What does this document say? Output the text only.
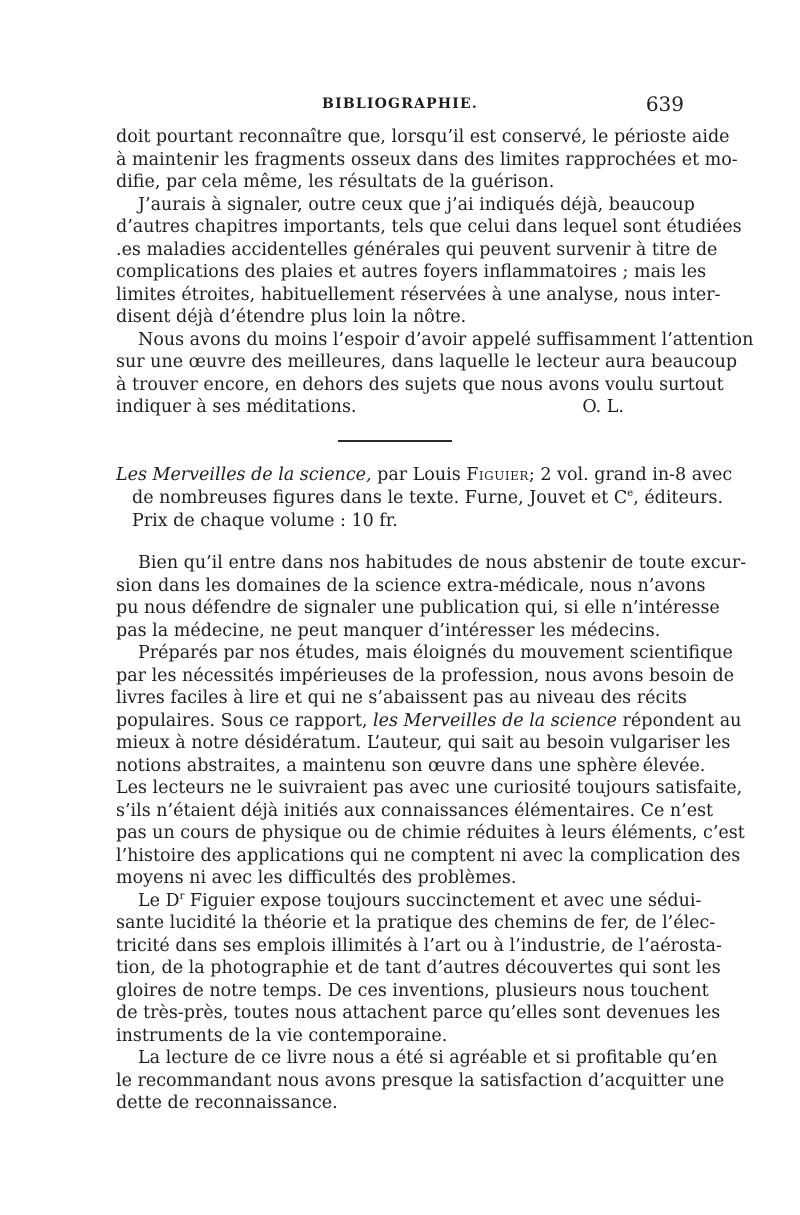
BIBLIOGRAPHIE.	639
doit pourtant reconnaître que, lorsqu’il est conservé, le périoste aide
à maintenir les fragments osseux dans des limites rapprochées et mo-
difie, par cela même, les résultats de la guérison.
J’aurais à signaler, outre ceux que j’ai indiqués déjà, beaucoup
d’autres chapitres importants, tels que celui dans lequel sont étudiées
.es maladies accidentelles générales qui peuvent survenir à titre de
complications des plaies et autres foyers inflammatoires ; mais les
limites étroites, habituellement réservées à une analyse, nous inter-
disent déjà d’étendre plus loin la nôtre.
Nous avons du moins l’espoir d’avoir appelé suffisamment l’attention
sur une œuvre des meilleures, dans laquelle le lecteur aura beaucoup
à trouver encore, en dehors des sujets que nous avons voulu surtout
indiquer à ses méditations.	O. L.
Les Merveilles de la science, par Louis Figuier; 2 vol. grand in-8 avec
de nombreuses figures dans le texte. Furne, Jouvet et Ce, éditeurs.
Prix de chaque volume : 10 fr.
Bien qu’il entre dans nos habitudes de nous abstenir de toute excur-
sion dans les domaines de la science extra-médicale, nous n’avons
pu nous défendre de signaler une publication qui, si elle n’intéresse
pas la médecine, ne peut manquer d’intéresser les médecins.
Préparés par nos études, mais éloignés du mouvement scientifique
par les nécessités impérieuses de la profession, nous avons besoin de
livres faciles à lire et qui ne s’abaissent pas au niveau des récits
populaires. Sous ce rapport, les Merveilles de la science répondent au
mieux à notre désidératum. L’auteur, qui sait au besoin vulgariser les
notions abstraites, a maintenu son œuvre dans une sphère élevée.
Les lecteurs ne le suivraient pas avec une curiosité toujours satisfaite,
s’ils n’étaient déjà initiés aux connaissances élémentaires. Ce n’est
pas un cours de physique ou de chimie réduites à leurs éléments, c’est
l’histoire des applications qui ne comptent ni avec la complication des
moyens ni avec les difficultés des problèmes.
Le $D^r$ Figuier expose toujours succinctement et avec une sédui-
sante lucidité la théorie et la pratique des chemins de fer, de l’élec-
tricité dans ses emplois illimités à l’art ou à l’industrie, de l’aérosta-
tion, de la photographie et de tant d’autres découvertes qui sont les
gloires de notre temps. De ces inventions, plusieurs nous touchent
de très-près, toutes nous attachent parce qu’elles sont devenues les
instruments de la vie contemporaine.
La lecture de ce livre nous a été si agréable et si profitable qu’en
le recommandant nous avons presque la satisfaction d’acquitter une
dette de reconnaissance.
